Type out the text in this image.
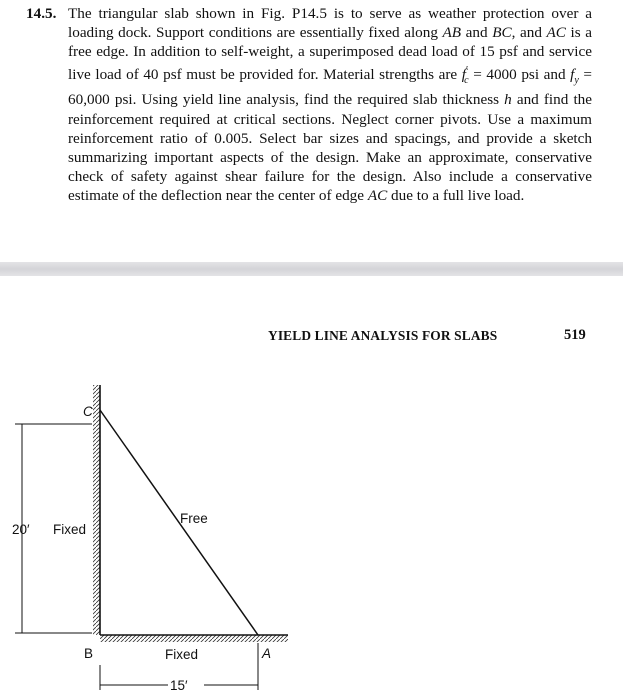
14.5. The triangular slab shown in Fig. P14.5 is to serve as weather protection over a loading dock. Support conditions are essentially fixed along AB and BC, and AC is a free edge. In addition to self-weight, a superimposed dead load of 15 psf and service live load of 40 psf must be provided for. Material strengths are $f'_c = 4000$ psi and $f_y = 60,000$ psi. Using yield line analysis, find the required slab thickness h and find the reinforcement required at critical sections. Neglect corner pivots. Use a maximum reinforcement ratio of 0.005. Select bar sizes and spacings, and provide a sketch summarizing important aspects of the design. Make an approximate, conservative check of safety against shear failure for the design. Also include a conservative estimate of the deflection near the center of edge AC due to a full live load.
YIELD LINE ANALYSIS FOR SLABS	519
C
Free
20′ Fixed
B	Fixed	A
15′
